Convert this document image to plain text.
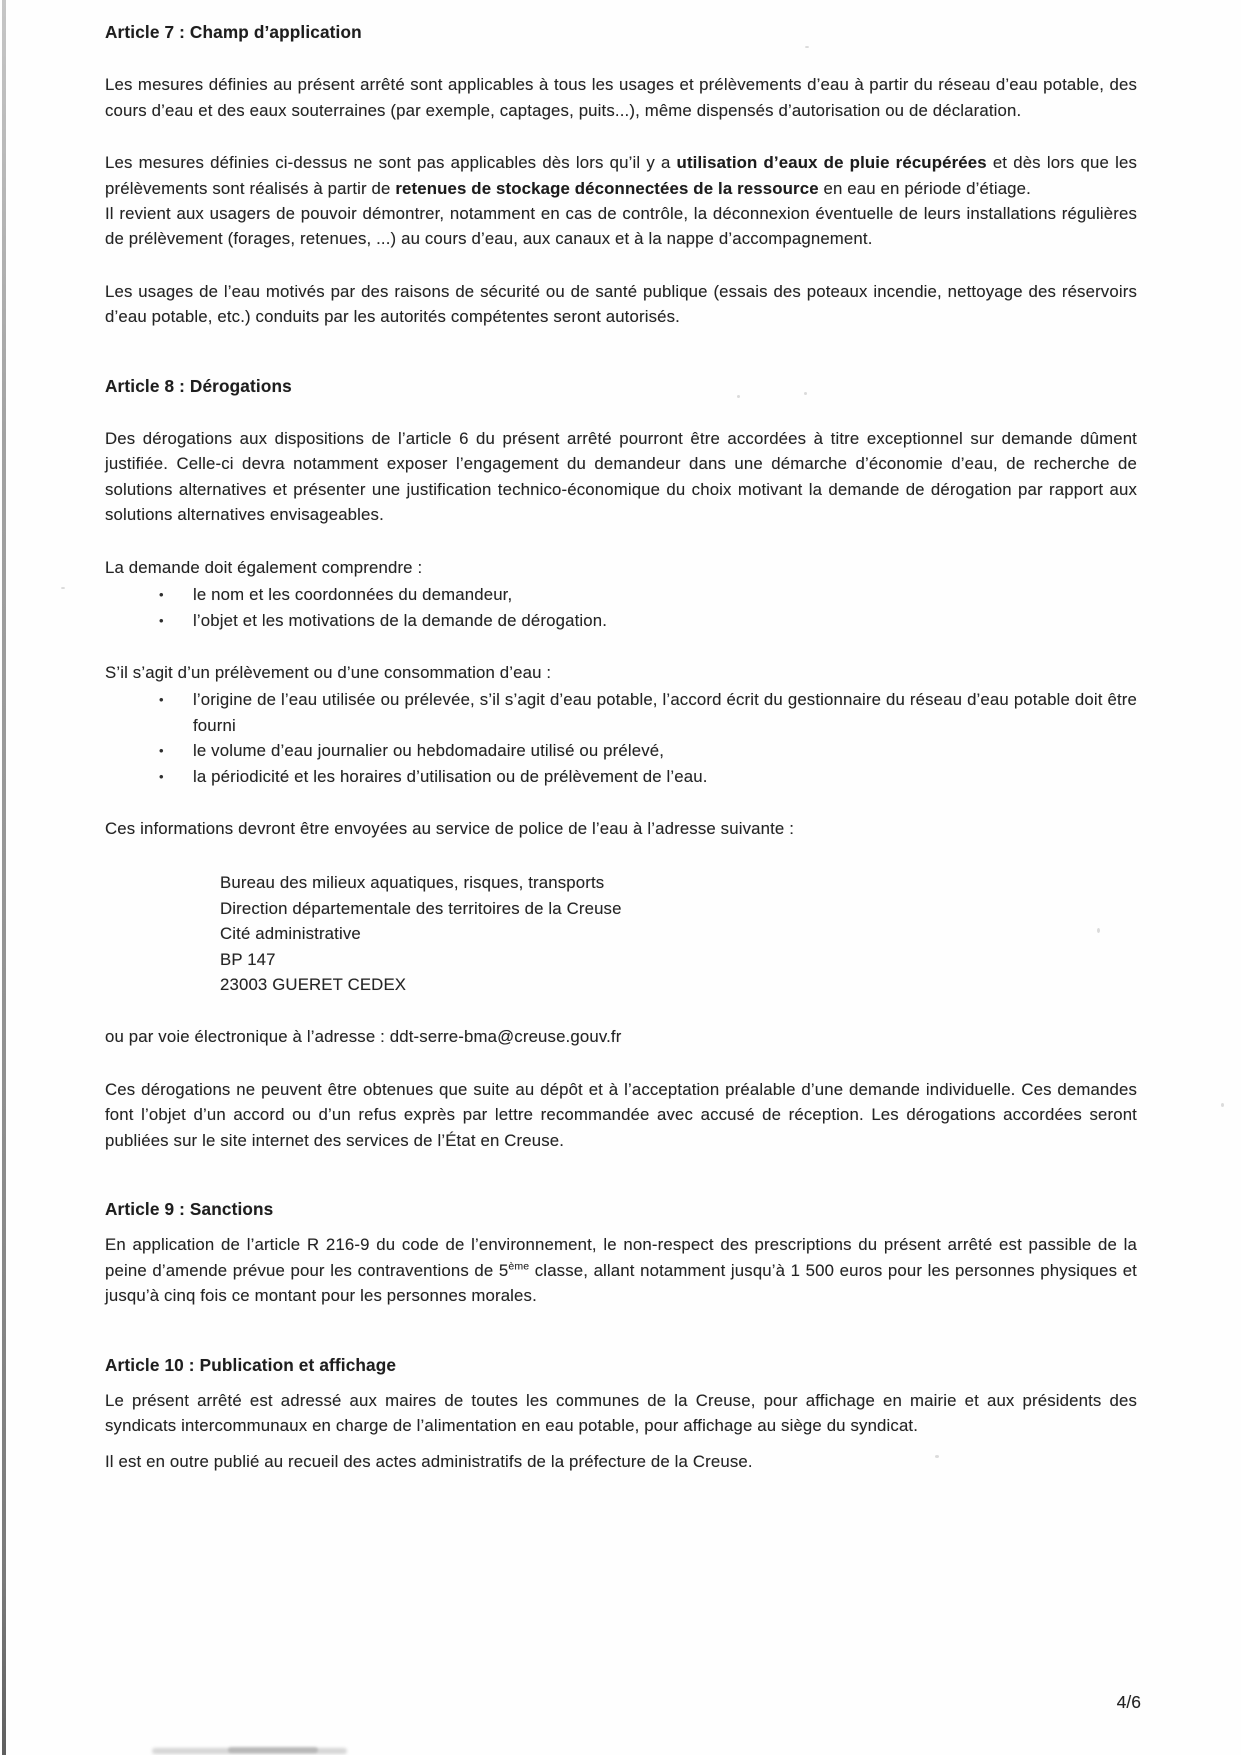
Article 7 : Champ d’application

Les mesures définies au présent arrêté sont applicables à tous les usages et prélèvements d’eau à partir du réseau d’eau potable, des cours d’eau et des eaux souterraines (par exemple, captages, puits...), même dispensés d’autorisation ou de déclaration.

Les mesures définies ci-dessus ne sont pas applicables dès lors qu’il y a utilisation d’eaux de pluie récupérées et dès lors que les prélèvements sont réalisés à partir de retenues de stockage déconnectées de la ressource en eau en période d’étiage.

Il revient aux usagers de pouvoir démontrer, notamment en cas de contrôle, la déconnexion éventuelle de leurs installations régulières de prélèvement (forages, retenues, ...) au cours d’eau, aux canaux et à la nappe d’accompagnement.

Les usages de l’eau motivés par des raisons de sécurité ou de santé publique (essais des poteaux incendie, nettoyage des réservoirs d’eau potable, etc.) conduits par les autorités compétentes seront autorisés.

Article 8 : Dérogations

Des dérogations aux dispositions de l’article 6 du présent arrêté pourront être accordées à titre exceptionnel sur demande dûment justifiée. Celle-ci devra notamment exposer l’engagement du demandeur dans une démarche d’économie d’eau, de recherche de solutions alternatives et présenter une justification technico-économique du choix motivant la demande de dérogation par rapport aux solutions alternatives envisageables.

La demande doit également comprendre :

• le nom et les coordonnées du demandeur,
• l’objet et les motivations de la demande de dérogation.

S’il s’agit d’un prélèvement ou d’une consommation d’eau :

• l’origine de l’eau utilisée ou prélevée, s’il s’agit d’eau potable, l’accord écrit du gestionnaire du réseau d’eau potable doit être fourni
• le volume d’eau journalier ou hebdomadaire utilisé ou prélevé,
• la périodicité et les horaires d’utilisation ou de prélèvement de l’eau.

Ces informations devront être envoyées au service de police de l’eau à l’adresse suivante :

Bureau des milieux aquatiques, risques, transports
Direction départementale des territoires de la Creuse
Cité administrative
BP 147
23003 GUERET CEDEX

ou par voie électronique à l’adresse : ddt-serre-bma@creuse.gouv.fr

Ces dérogations ne peuvent être obtenues que suite au dépôt et à l’acceptation préalable d’une demande individuelle. Ces demandes font l’objet d’un accord ou d’un refus exprès par lettre recommandée avec accusé de réception. Les dérogations accordées seront publiées sur le site internet des services de l’État en Creuse.

Article 9 : Sanctions

En application de l’article R 216-9 du code de l’environnement, le non-respect des prescriptions du présent arrêté est passible de la peine d’amende prévue pour les contraventions de 5ème classe, allant notamment jusqu’à 1 500 euros pour les personnes physiques et jusqu’à cinq fois ce montant pour les personnes morales.

Article 10 : Publication et affichage

Le présent arrêté est adressé aux maires de toutes les communes de la Creuse, pour affichage en mairie et aux présidents des syndicats intercommunaux en charge de l’alimentation en eau potable, pour affichage au siège du syndicat.

Il est en outre publié au recueil des actes administratifs de la préfecture de la Creuse.

4/6
